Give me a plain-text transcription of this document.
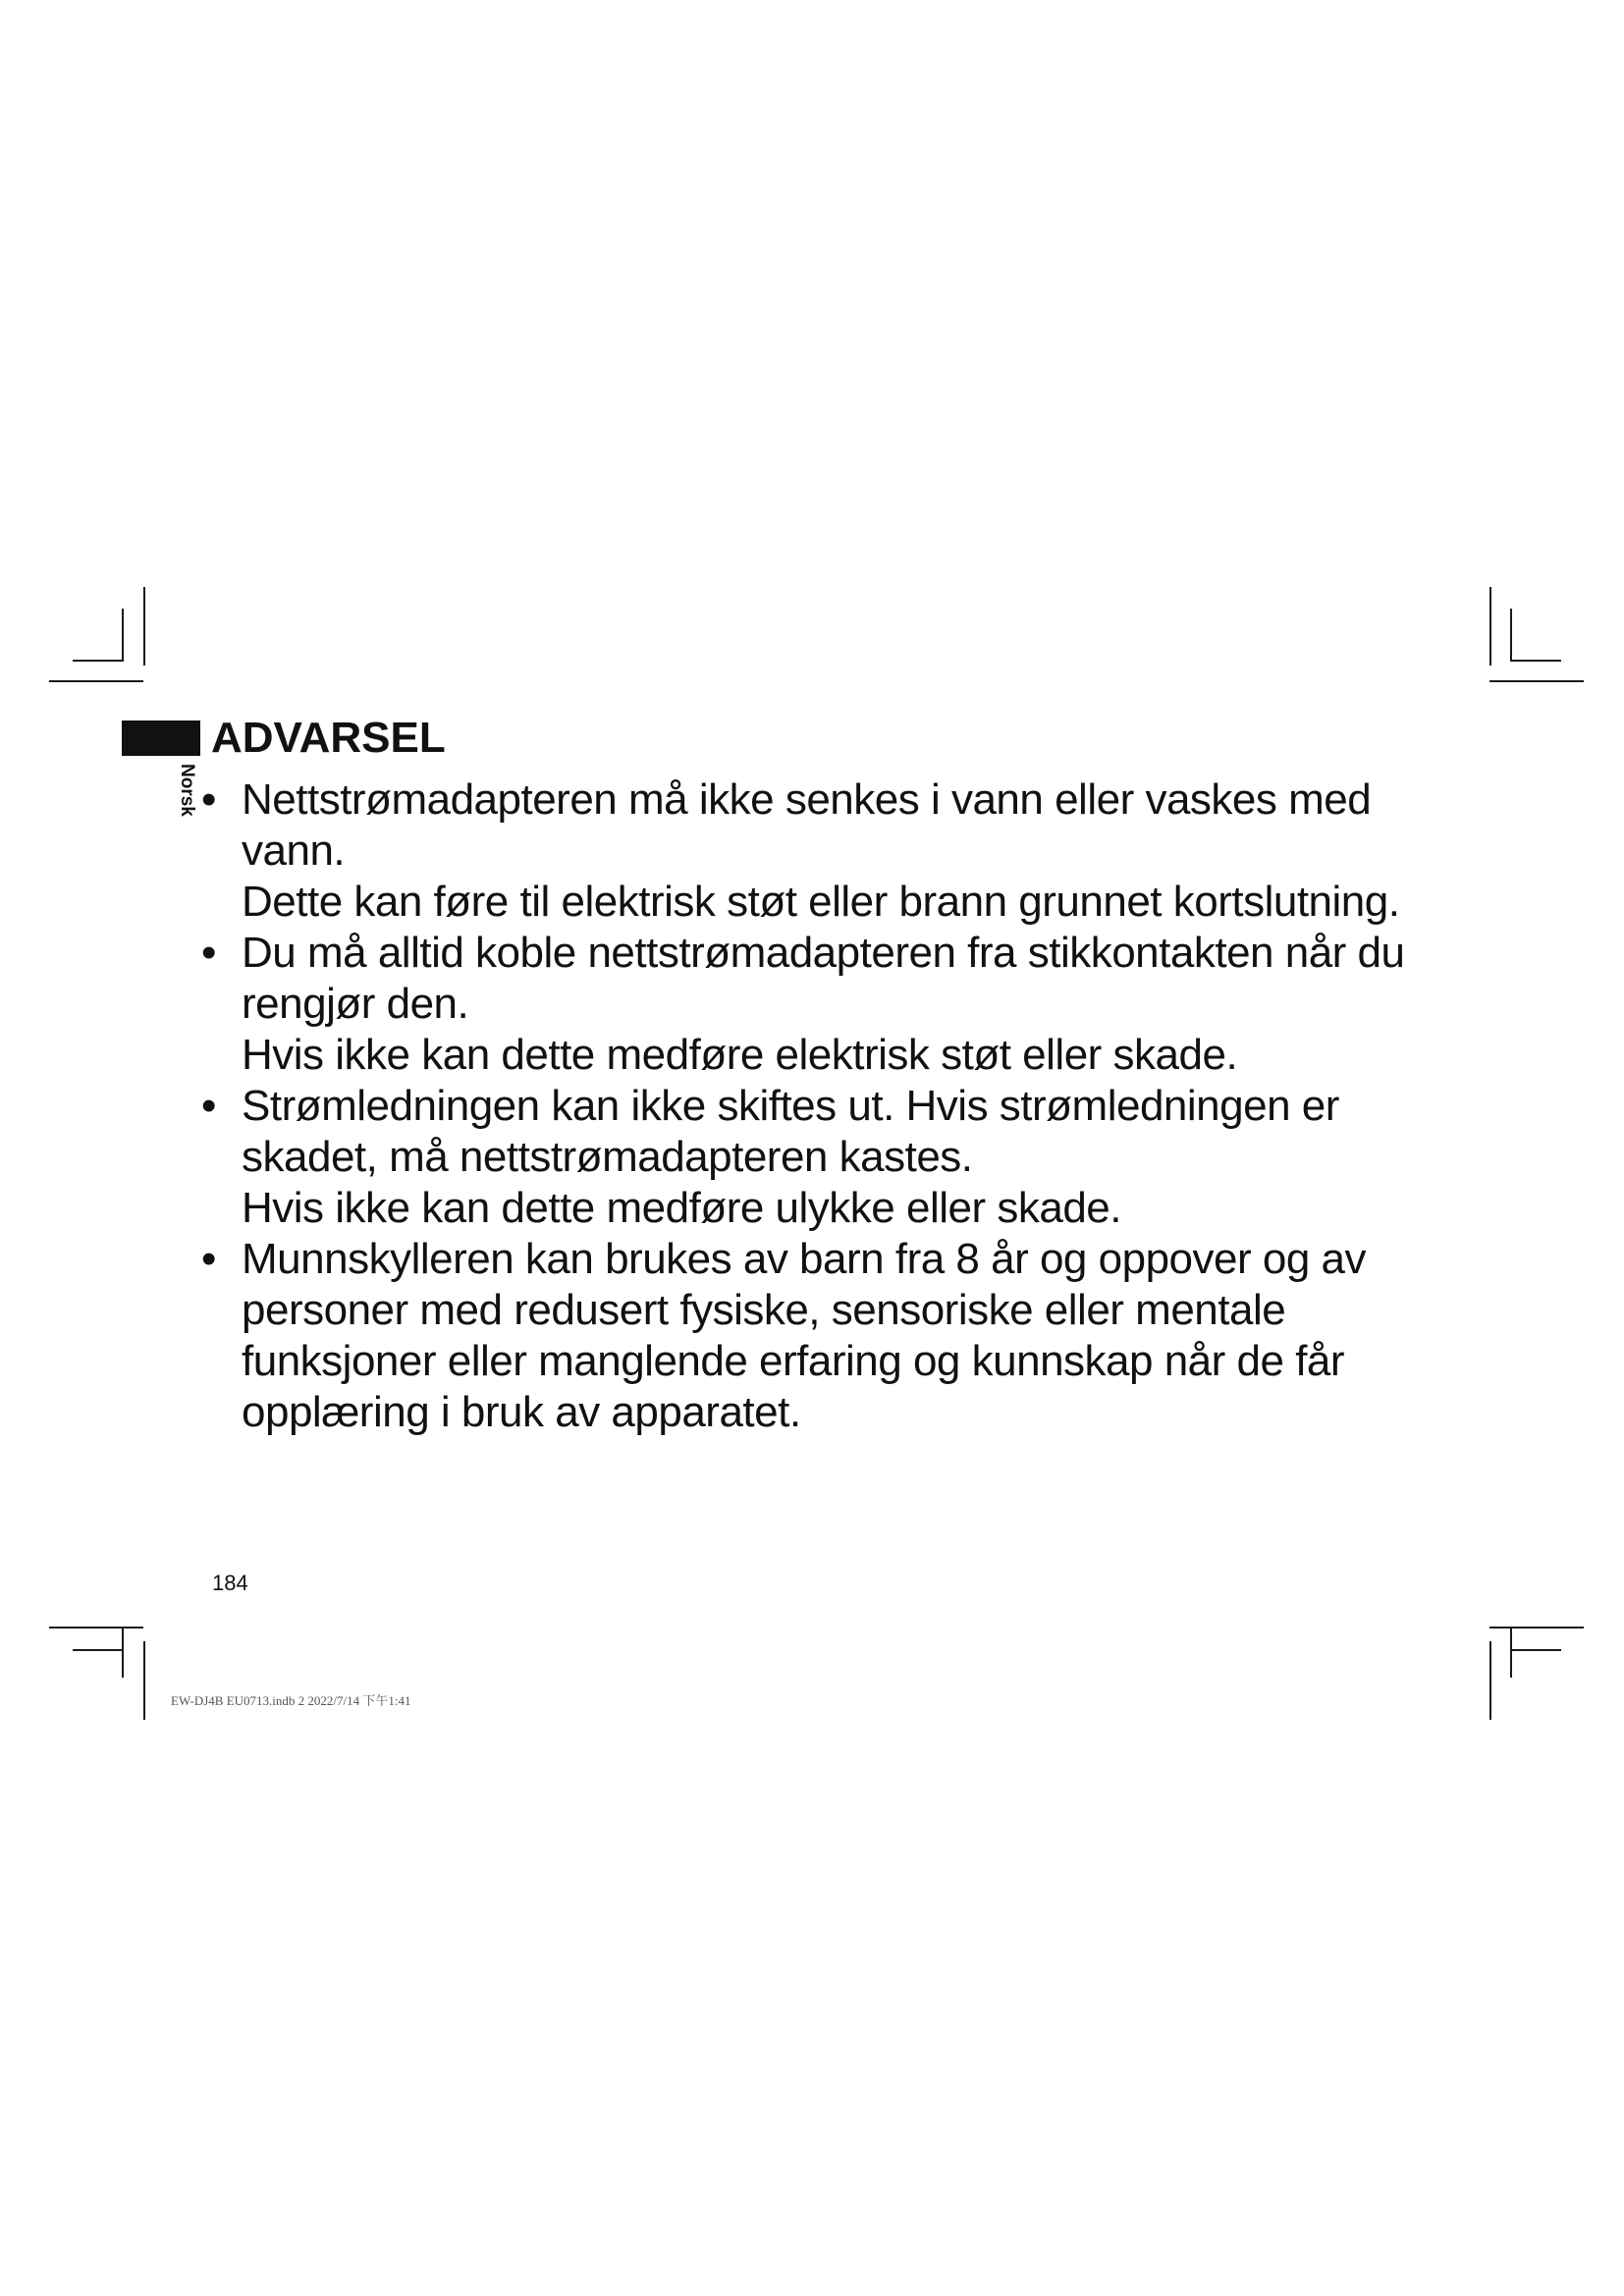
ADVARSEL
Norsk • Nettstrømadapteren må ikke senkes i vann eller vaskes med vann.
Dette kan føre til elektrisk støt eller brann grunnet kortslutning.
• Du må alltid koble nettstrømadapteren fra stikkontakten når du rengjør den.
Hvis ikke kan dette medføre elektrisk støt eller skade.
• Strømledningen kan ikke skiftes ut. Hvis strømledningen er skadet, må nettstrømadapteren kastes.
Hvis ikke kan dette medføre ulykke eller skade.
• Munnskylleren kan brukes av barn fra 8 år og oppover og av personer med redusert fysiske, sensoriske eller mentale funksjoner eller manglende erfaring og kunnskap når de får opplæring i bruk av apparatet.
184
EW-DJ4B EU0713.indb 2 2022/7/14 下午1:41
